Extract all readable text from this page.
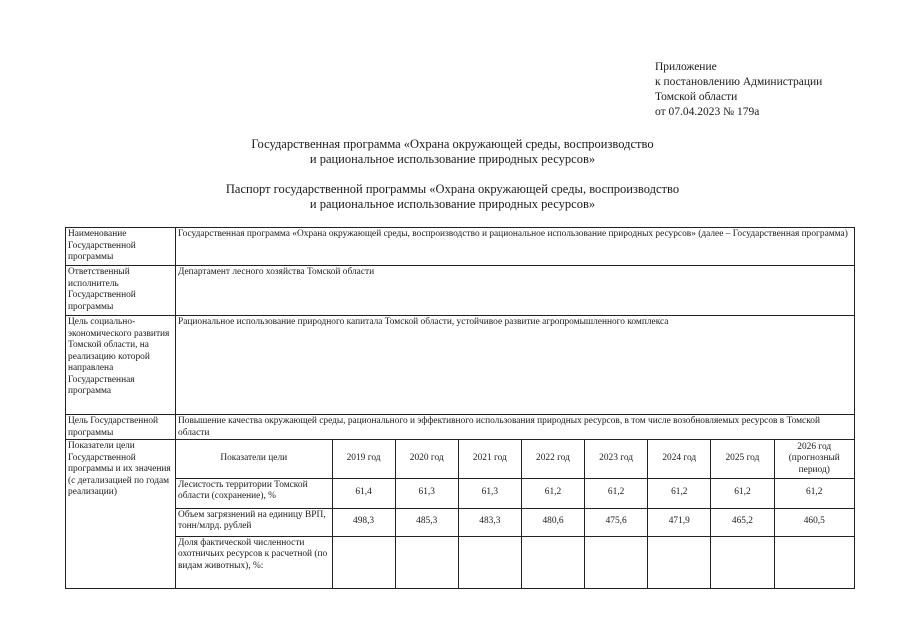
Приложение
к постановлению Администрации
Томской области
от 07.04.2023 № 179а
Государственная программа «Охрана окружающей среды, воспроизводство
и рациональное использование природных ресурсов»
Паспорт государственной программы «Охрана окружающей среды, воспроизводство
и рациональное использование природных ресурсов»
Наименование Государственной программы	Государственная программа «Охрана окружающей среды, воспроизводство и рациональное использование природных ресурсов» (далее – Государственная программа)
Ответственный исполнитель Государственной программы	Департамент лесного хозяйства Томской области
Цель социально-экономического развития Томской области, на реализацию которой направлена Государственная программа	Рациональное использование природного капитала Томской области, устойчивое развитие агропромышленного комплекса
Цель Государственной программы	Повышение качества окружающей среды, рационального и эффективного использования природных ресурсов, в том числе возобновляемых ресурсов в Томской области
Показатели цели Государственной программы и их значения (с детализацией по годам реализации)	
Показатели цели	2019 год	2020 год	2021 год	2022 год	2023 год	2024 год	2025 год	2026 год (прогнозный период)
Лесистость территории Томской области (сохранение), %	61,4	61,3	61,3	61,2	61,2	61,2	61,2	61,2
Объем загрязнений на единицу ВРП, тонн/млрд. рублей	498,3	485,3	483,3	480,6	475,6	471,9	465,2	460,5
Доля фактической численности охотничьих ресурсов к расчетной (по видам животных), %:								
